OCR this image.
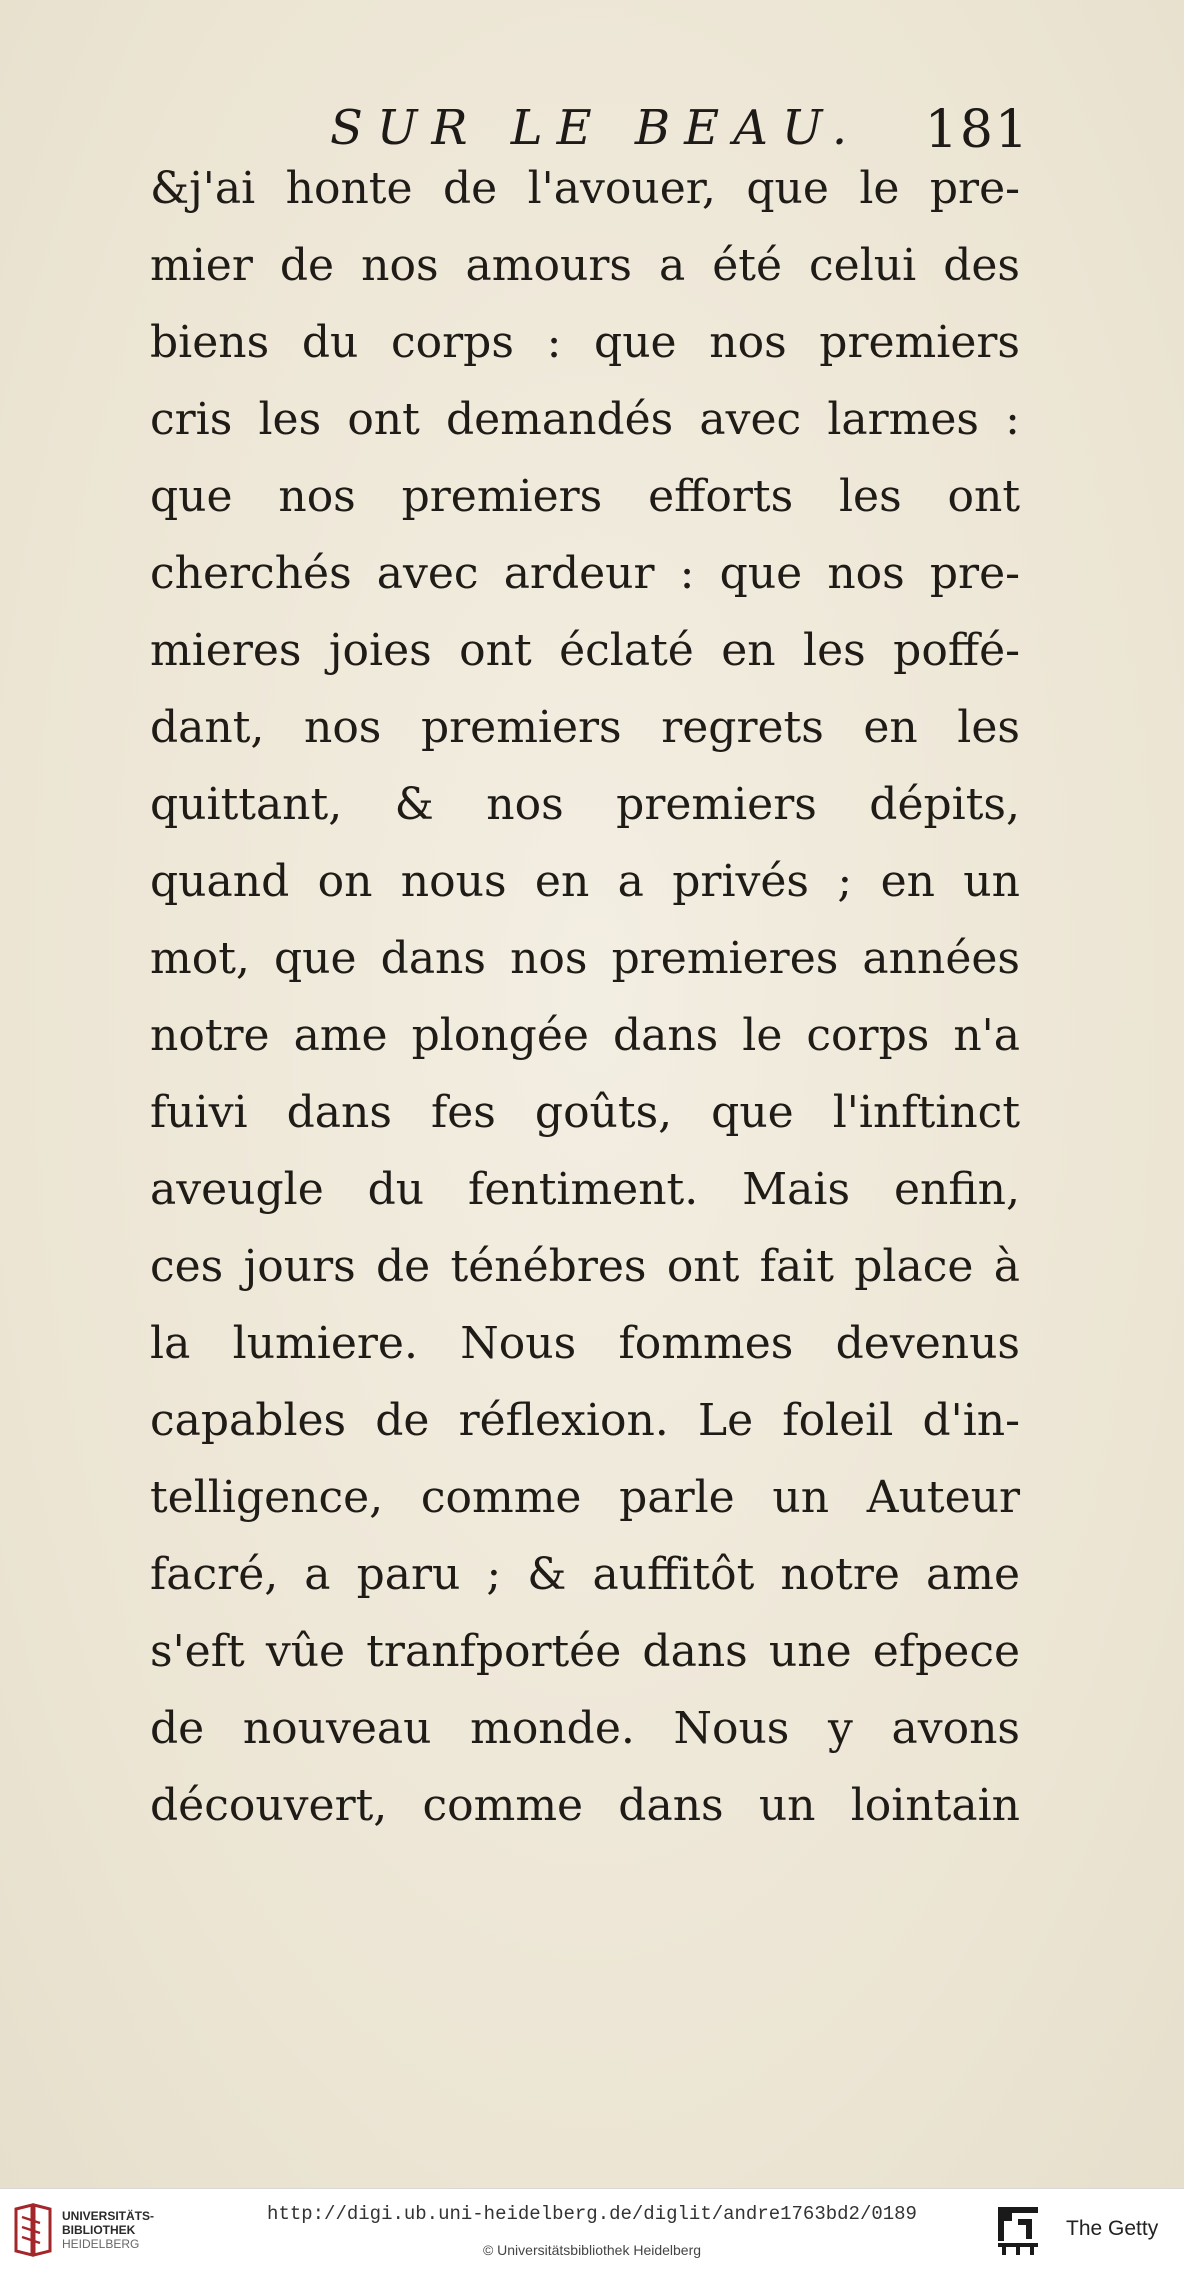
SUR LE BEAU. 181
&j'ai honte de l'avouer, que le pre-
mier de nos amours a été celui des
biens du corps : que nos premiers
cris les ont demandés avec larmes :
que nos premiers efforts les ont
cherchés avec ardeur : que nos pre-
mieres joies ont éclaté en les poffé-
dant, nos premiers regrets en les
quittant, & nos premiers dépits,
quand on nous en a privés ; en un
mot, que dans nos premieres années
notre ame plongée dans le corps n'a
fuivi dans fes goûts, que l'inftinct
aveugle du fentiment. Mais enfin,
ces jours de ténébres ont fait place à
la lumiere. Nous fommes devenus
capables de réflexion. Le foleil d'in-
telligence, comme parle un Auteur
facré, a paru ; & auffitôt notre ame
s'eft vûe tranfportée dans une efpece
de nouveau monde. Nous y avons
découvert, comme dans un lointain
UNIVERSITÄTS-
BIBLIOTHEK
HEIDELBERG
http://digi.ub.uni-heidelberg.de/diglit/andre1763bd2/0189
© Universitätsbibliothek Heidelberg
The Getty
